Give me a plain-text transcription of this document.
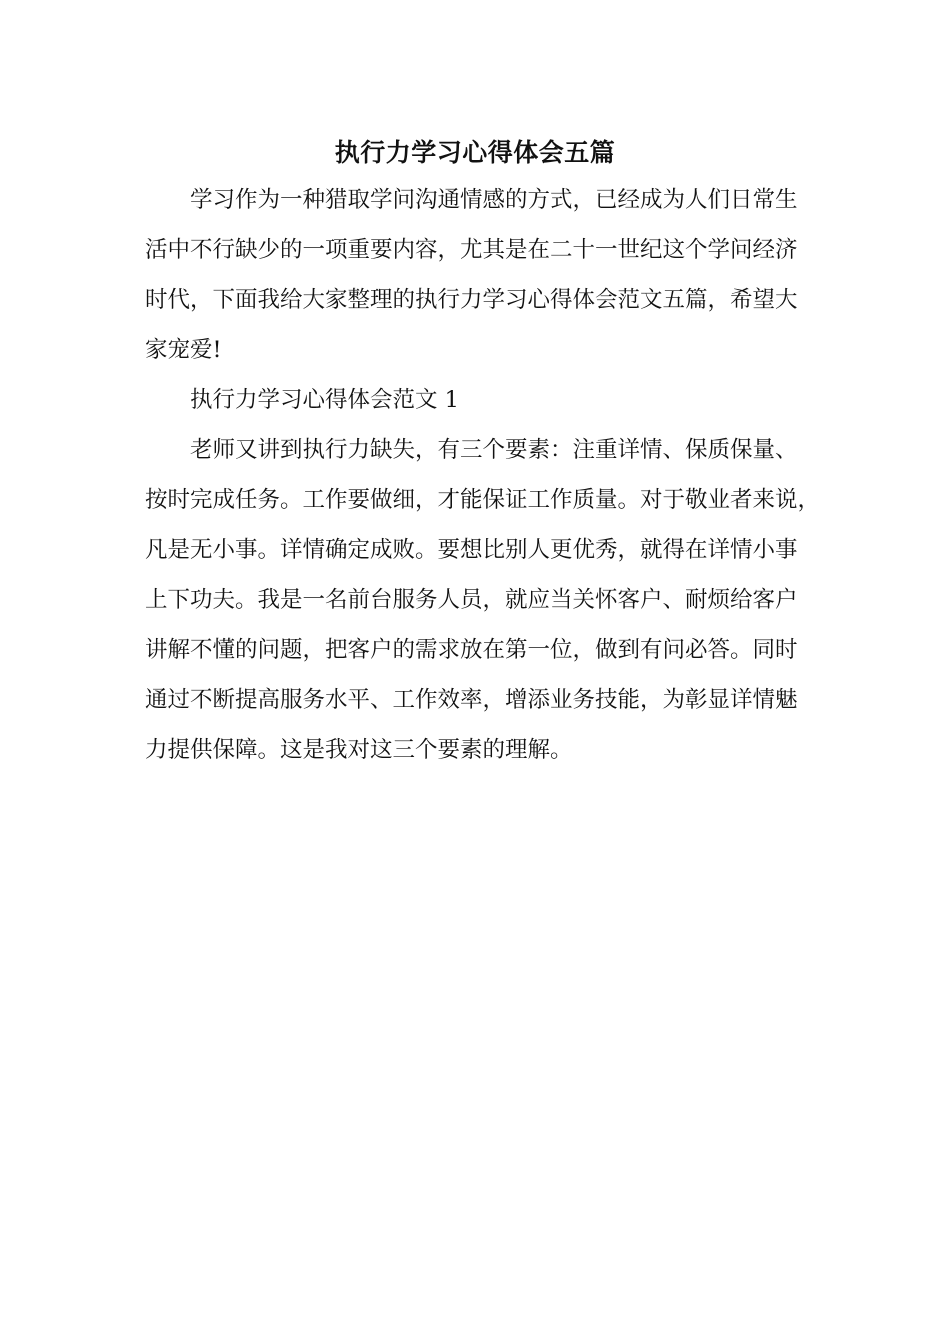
执行力学习心得体会五篇
学习作为一种猎取学问沟通情感的方式，已经成为人们日常生
活中不行缺少的一项重要内容，尤其是在二十一世纪这个学问经济
时代，下面我给大家整理的执行力学习心得体会范文五篇，希望大
家宠爱!
执行力学习心得体会范文 1
老师又讲到执行力缺失，有三个要素：注重详情、保质保量、
按时完成任务。工作要做细，才能保证工作质量。对于敬业者来说，
凡是无小事。详情确定成败。要想比别人更优秀，就得在详情小事
上下功夫。我是一名前台服务人员，就应当关怀客户、耐烦给客户
讲解不懂的问题，把客户的需求放在第一位，做到有问必答。同时
通过不断提高服务水平、工作效率，增添业务技能，为彰显详情魅
力提供保障。这是我对这三个要素的理解。
